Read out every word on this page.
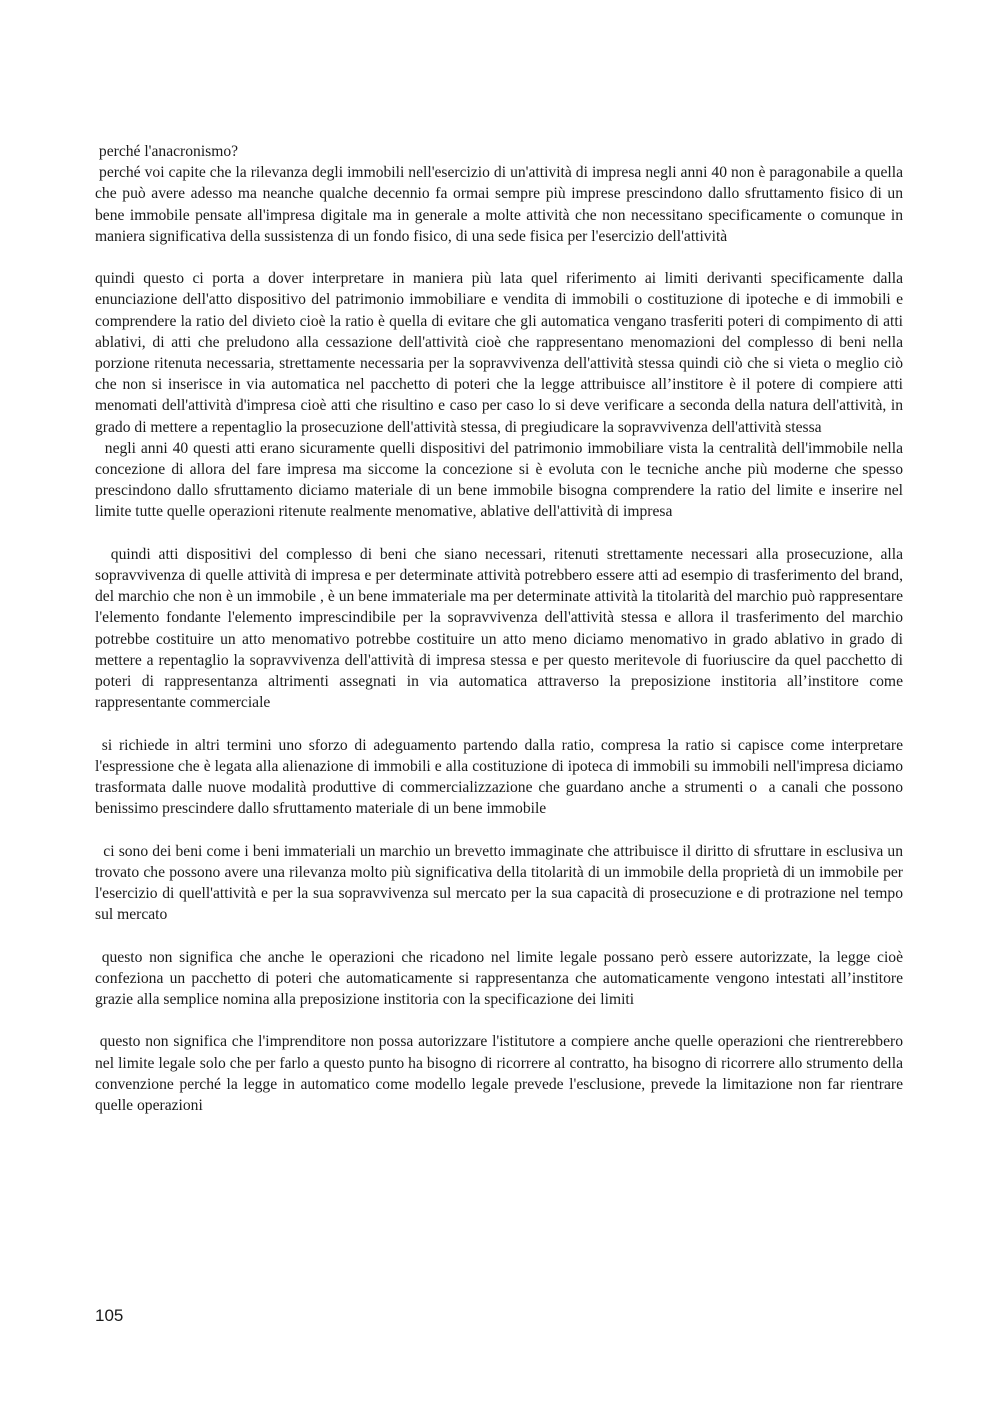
perché l'anacronismo?

perché voi capite che la rilevanza degli immobili nell'esercizio di un'attività di impresa negli anni 40 non è paragonabile a quella che può avere adesso ma neanche qualche decennio fa ormai sempre più imprese prescindono dallo sfruttamento fisico di un bene immobile pensate all'impresa digitale ma in generale a molte attività che non necessitano specificamente o comunque in maniera significativa della sussistenza di un fondo fisico, di una sede fisica per l'esercizio dell'attività

quindi questo ci porta a dover interpretare in maniera più lata quel riferimento ai limiti derivanti specificamente dalla enunciazione dell'atto dispositivo del patrimonio immobiliare e vendita di immobili o costituzione di ipoteche e di immobili e comprendere la ratio del divieto cioè la ratio è quella di evitare che gli automatica vengano trasferiti poteri di compimento di atti ablativi, di atti che preludono alla cessazione dell'attività cioè che rappresentano menomazioni del complesso di beni nella porzione ritenuta necessaria, strettamente necessaria per la sopravvivenza dell'attività stessa quindi ciò che si vieta o meglio ciò che non si inserisce in via automatica nel pacchetto di poteri che la legge attribuisce all’institore è il potere di compiere atti menomati dell'attività d'impresa cioè atti che risultino e caso per caso lo si deve verificare a seconda della natura dell'attività, in grado di mettere a repentaglio la prosecuzione dell'attività stessa, di pregiudicare la sopravvivenza dell'attività stessa

negli anni 40 questi atti erano sicuramente quelli dispositivi del patrimonio immobiliare vista la centralità dell'immobile nella concezione di allora del fare impresa ma siccome la concezione si è evoluta con le tecniche anche più moderne che spesso prescindono dallo sfruttamento diciamo materiale di un bene immobile bisogna comprendere la ratio del limite e inserire nel limite tutte quelle operazioni ritenute realmente menomative, ablative dell'attività di impresa

quindi atti dispositivi del complesso di beni che siano necessari, ritenuti strettamente necessari alla prosecuzione, alla sopravvivenza di quelle attività di impresa e per determinate attività potrebbero essere atti ad esempio di trasferimento del brand, del marchio che non è un immobile , è un bene immateriale ma per determinate attività la titolarità del marchio può rappresentare l'elemento fondante l'elemento imprescindibile per la sopravvivenza dell'attività stessa e allora il trasferimento del marchio potrebbe costituire un atto menomativo potrebbe costituire un atto meno diciamo menomativo in grado ablativo in grado di mettere a repentaglio la sopravvivenza dell'attività di impresa stessa e per questo meritevole di fuoriuscire da quel pacchetto di poteri di rappresentanza altrimenti assegnati in via automatica attraverso la preposizione institoria all’institore come rappresentante commerciale

si richiede in altri termini uno sforzo di adeguamento partendo dalla ratio, compresa la ratio si capisce come interpretare l'espressione che è legata alla alienazione di immobili e alla costituzione di ipoteca di immobili su immobili nell'impresa diciamo trasformata dalle nuove modalità produttive di commercializzazione che guardano anche a strumenti o  a canali che possono benissimo prescindere dallo sfruttamento materiale di un bene immobile

ci sono dei beni come i beni immateriali un marchio un brevetto immaginate che attribuisce il diritto di sfruttare in esclusiva un trovato che possono avere una rilevanza molto più significativa della titolarità di un immobile della proprietà di un immobile per l'esercizio di quell'attività e per la sua sopravvivenza sul mercato per la sua capacità di prosecuzione e di protrazione nel tempo sul mercato

questo non significa che anche le operazioni che ricadono nel limite legale possano però essere autorizzate, la legge cioè confeziona un pacchetto di poteri che automaticamente si rappresentanza che automaticamente vengono intestati all’institore grazie alla semplice nomina alla preposizione institoria con la specificazione dei limiti

questo non significa che l'imprenditore non possa autorizzare l'istitutore a compiere anche quelle operazioni che rientrerebbero nel limite legale solo che per farlo a questo punto ha bisogno di ricorrere al contratto, ha bisogno di ricorrere allo strumento della convenzione perché la legge in automatico come modello legale prevede l'esclusione, prevede la limitazione non far rientrare quelle operazioni

105
